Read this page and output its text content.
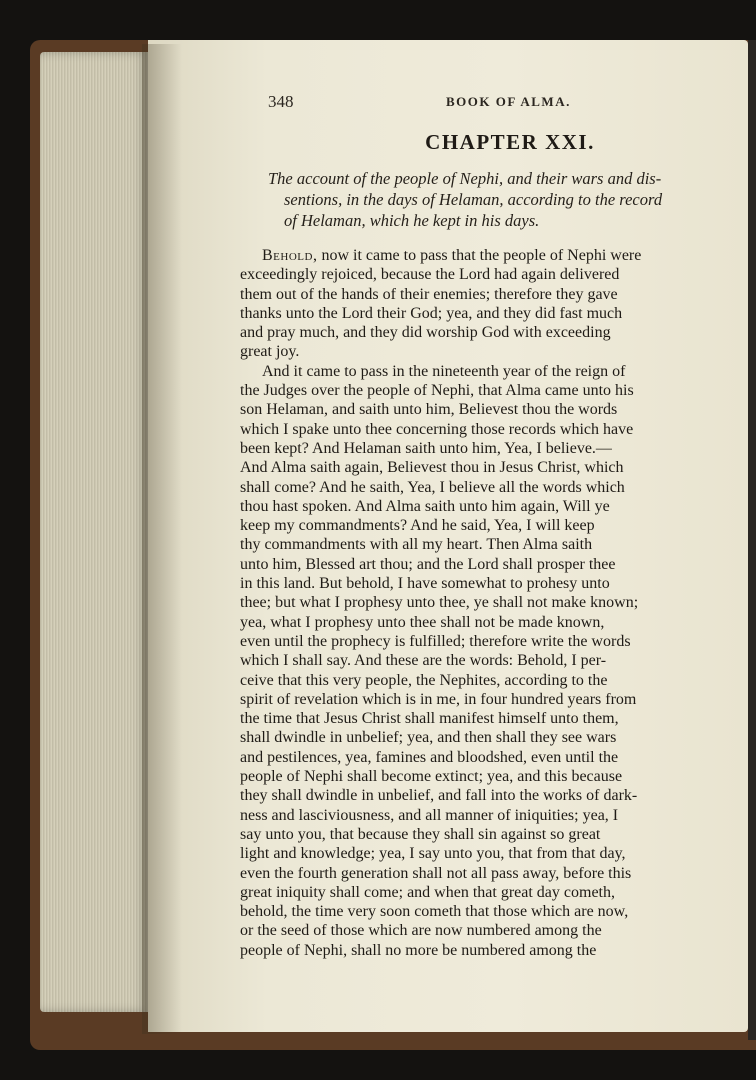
348	BOOK OF ALMA.
CHAPTER XXI.
The account of the people of Nephi, and their wars and dis-
sentions, in the days of Helaman, according to the record
of Helaman, which he kept in his days.
Behold, now it came to pass that the people of Nephi were
exceedingly rejoiced, because the Lord had again delivered
them out of the hands of their enemies; therefore they gave
thanks unto the Lord their God; yea, and they did fast much
and pray much, and they did worship God with exceeding
great joy.
And it came to pass in the nineteenth year of the reign of
the Judges over the people of Nephi, that Alma came unto his
son Helaman, and saith unto him, Believest thou the words
which I spake unto thee concerning those records which have
been kept? And Helaman saith unto him, Yea, I believe.—
And Alma saith again, Believest thou in Jesus Christ, which
shall come? And he saith, Yea, I believe all the words which
thou hast spoken. And Alma saith unto him again, Will ye
keep my commandments? And he said, Yea, I will keep
thy commandments with all my heart. Then Alma saith
unto him, Blessed art thou; and the Lord shall prosper thee
in this land. But behold, I have somewhat to prohesy unto
thee; but what I prophesy unto thee, ye shall not make known;
yea, what I prophesy unto thee shall not be made known,
even until the prophecy is fulfilled; therefore write the words
which I shall say. And these are the words: Behold, I per-
ceive that this very people, the Nephites, according to the
spirit of revelation which is in me, in four hundred years from
the time that Jesus Christ shall manifest himself unto them,
shall dwindle in unbelief; yea, and then shall they see wars
and pestilences, yea, famines and bloodshed, even until the
people of Nephi shall become extinct; yea, and this because
they shall dwindle in unbelief, and fall into the works of dark-
ness and lasciviousness, and all manner of iniquities; yea, I
say unto you, that because they shall sin against so great
light and knowledge; yea, I say unto you, that from that day,
even the fourth generation shall not all pass away, before this
great iniquity shall come; and when that great day cometh,
behold, the time very soon cometh that those which are now,
or the seed of those which are now numbered among the
people of Nephi, shall no more be numbered among the
